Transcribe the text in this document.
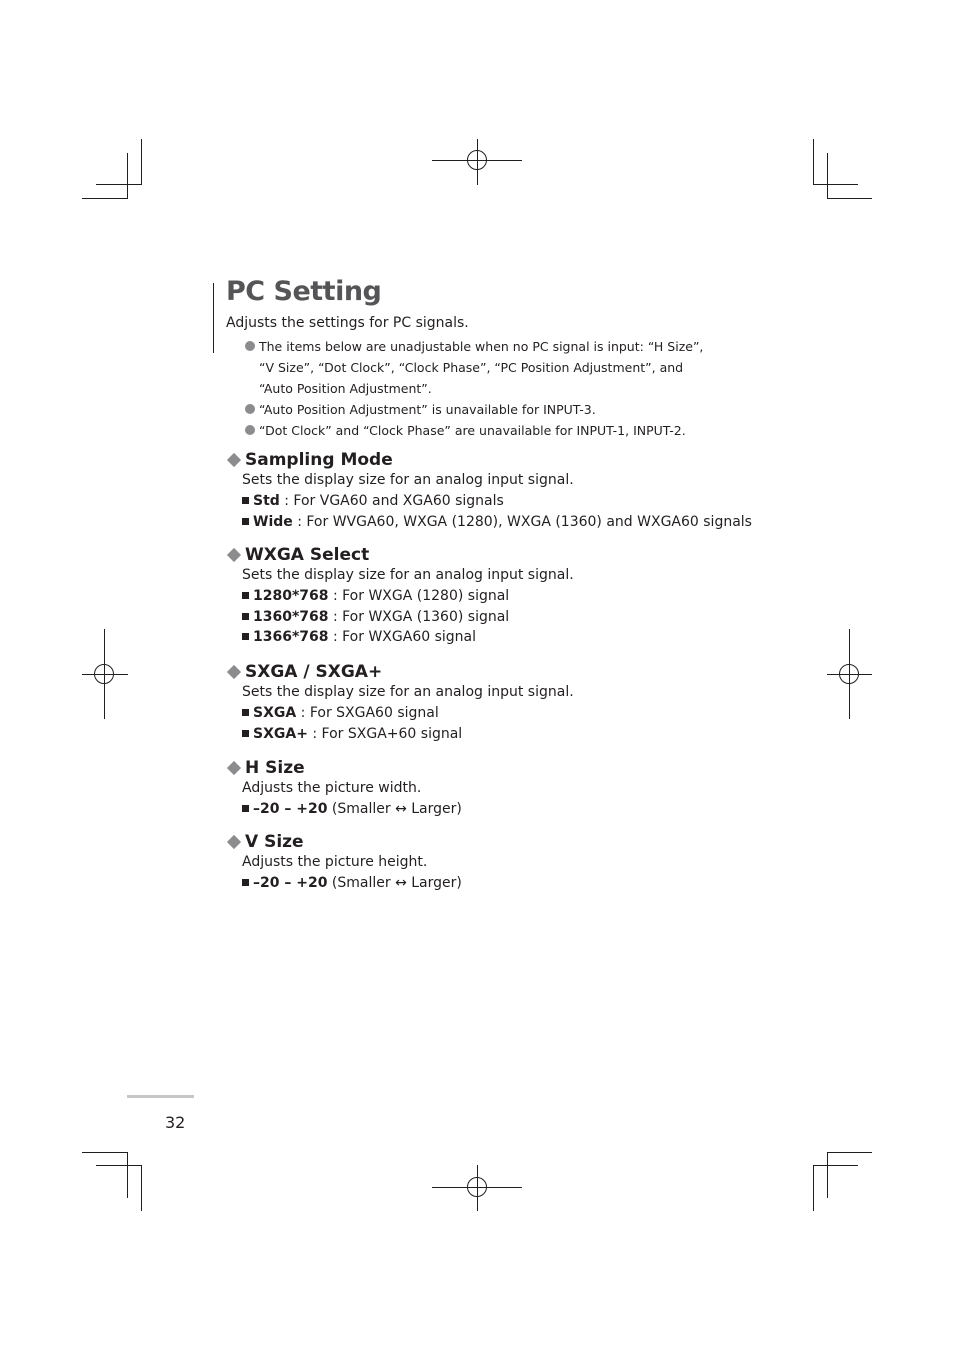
PC Setting

Adjusts the settings for PC signals.

The items below are unadjustable when no PC signal is input: “H Size”, “V Size”, “Dot Clock”, “Clock Phase”, “PC Position Adjustment”, and “Auto Position Adjustment”.
“Auto Position Adjustment” is unavailable for INPUT-3.
“Dot Clock” and “Clock Phase” are unavailable for INPUT-1, INPUT-2.
Sampling Mode
Sets the display size for an analog input signal.
Std : For VGA60 and XGA60 signals
Wide : For WVGA60, WXGA (1280), WXGA (1360) and WXGA60 signals
WXGA Select
Sets the display size for an analog input signal.
1280*768 : For WXGA (1280) signal
1360*768 : For WXGA (1360) signal
1366*768 : For WXGA60 signal
SXGA / SXGA+
Sets the display size for an analog input signal.
SXGA : For SXGA60 signal
SXGA+ : For SXGA+60 signal
H Size
Adjusts the picture width.
–20 – +20 (Smaller ↔ Larger)
V Size
Adjusts the picture height.
–20 – +20 (Smaller ↔ Larger)
32
